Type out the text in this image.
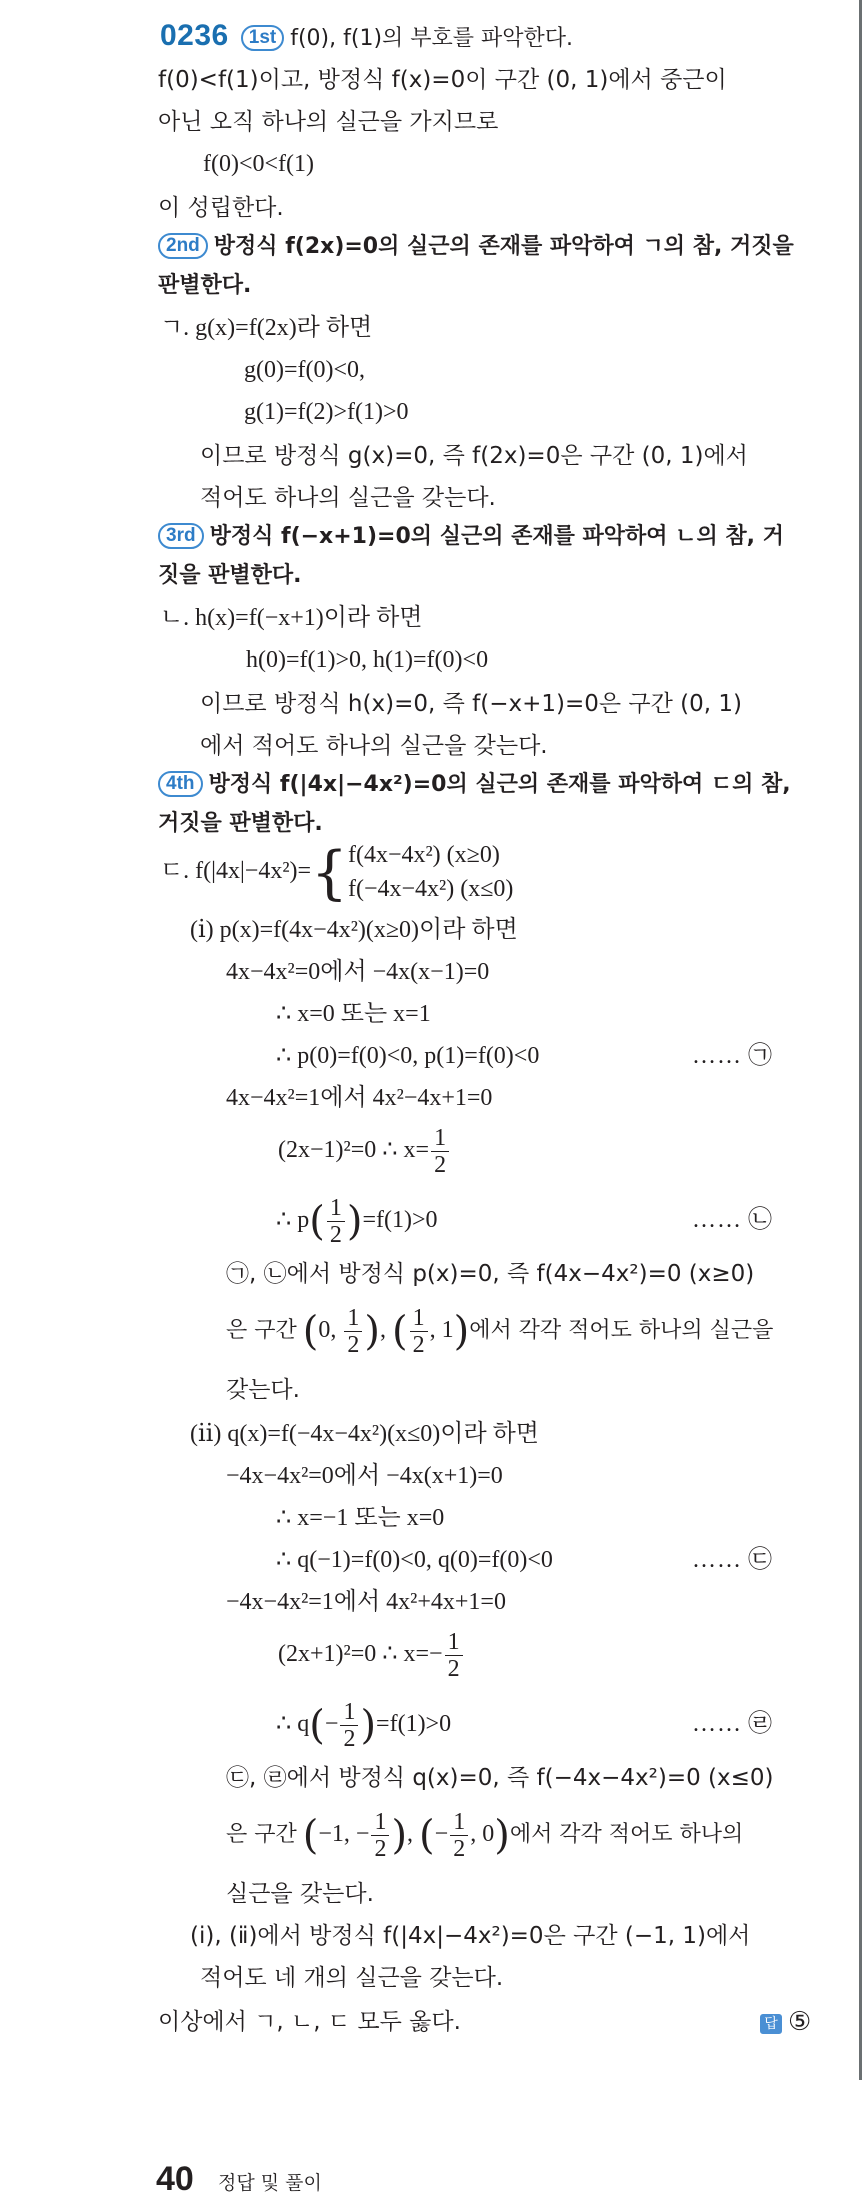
0236 1st f(0), f(1)의 부호를 파악한다.
f(0)<f(1)이고, 방정식 f(x)=0이 구간 (0, 1)에서 중근이
아닌 오직 하나의 실근을 가지므로
f(0)<0<f(1)
이 성립한다.
2nd 방정식 f(2x)=0의 실근의 존재를 파악하여 ㄱ의 참, 거짓을
판별한다.
ㄱ. g(x)=f(2x)라 하면
g(0)=f(0)<0,
g(1)=f(2)>f(1)>0
이므로 방정식 g(x)=0, 즉 f(2x)=0은 구간 (0, 1)에서
적어도 하나의 실근을 갖는다.
3rd 방정식 f(−x+1)=0의 실근의 존재를 파악하여 ㄴ의 참, 거
짓을 판별한다.
ㄴ. h(x)=f(−x+1)이라 하면
h(0)=f(1)>0, h(1)=f(0)<0
이므로 방정식 h(x)=0, 즉 f(−x+1)=0은 구간 (0, 1)
에서 적어도 하나의 실근을 갖는다.
4th 방정식 f(|4x|−4x²)=0의 실근의 존재를 파악하여 ㄷ의 참,
거짓을 판별한다.
ㄷ. f(|4x|−4x²)={ f(4x−4x²) (x≥0)
f(−4x−4x²) (x≤0)
(ⅰ) p(x)=f(4x−4x²)(x≥0)이라 하면
4x−4x²=0에서 −4x(x−1)=0
∴ x=0 또는 x=1
∴ p(0)=f(0)<0, p(1)=f(0)<0	…… ㉠
4x−4x²=1에서 4x²−4x+1=0
(2x−1)²=0 ∴ $x= \frac{1}{2}$
∴ $p( \frac{1}{2} )=f(1)>0$	…… ㉡
㉠, ㉡에서 방정식 p(x)=0, 즉 f(4x−4x²)=0 (x≥0)
은 구간 (0, $\frac{1}{2}$ ), ( $\frac{1}{2}$ , 1)에서 각각 적어도 하나의 실근을
갖는다.
(ⅱ) q(x)=f(−4x−4x²)(x≤0)이라 하면
−4x−4x²=0에서 −4x(x+1)=0
∴ x=−1 또는 x=0
∴ q(−1)=f(0)<0, q(0)=f(0)<0	…… ㉢
−4x−4x²=1에서 4x²+4x+1=0
(2x+1)²=0 ∴ $x=- \frac{1}{2}$
∴ $q(- \frac{1}{2} )=f(1)>0$	…… ㉣
㉢, ㉣에서 방정식 q(x)=0, 즉 f(−4x−4x²)=0 (x≤0)
은 구간 (−1, − $\frac{1}{2}$ ), (− $\frac{1}{2}$ , 0)에서 각각 적어도 하나의
실근을 갖는다.
(ⅰ), (ⅱ)에서 방정식 f(|4x|−4x²)=0은 구간 (−1, 1)에서
적어도 네 개의 실근을 갖는다.
이상에서 ㄱ, ㄴ, ㄷ 모두 옳다.	답 ⑤
40 정답 및 풀이
